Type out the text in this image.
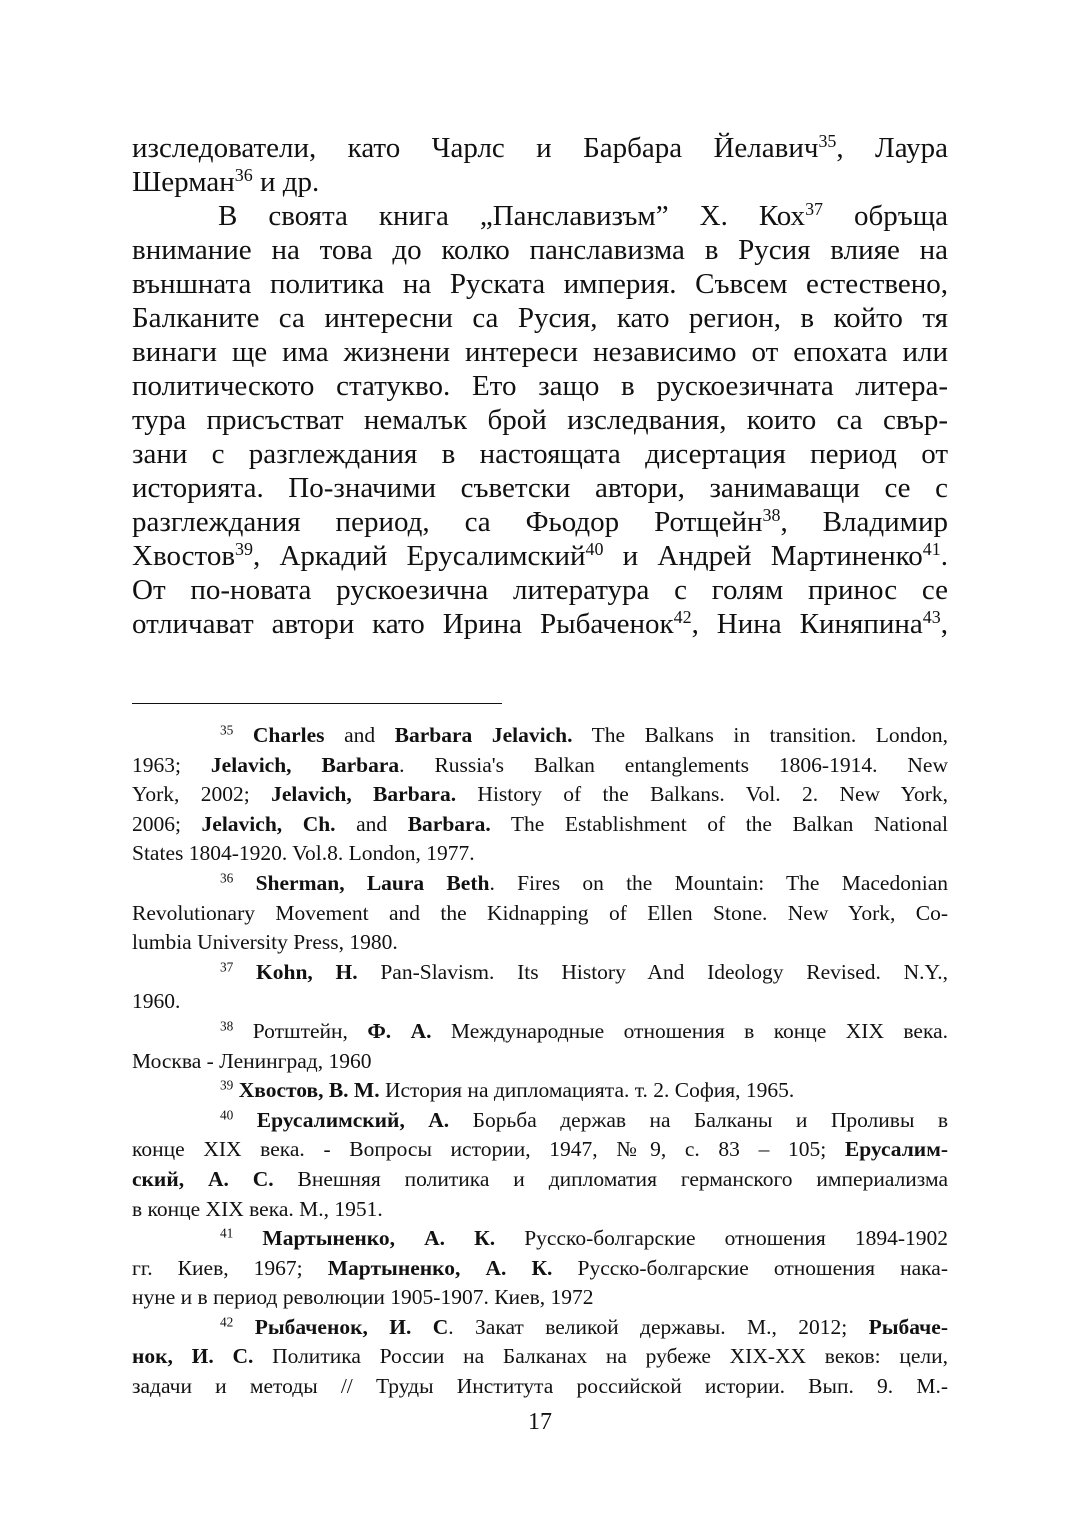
изследователи, като Чарлс и Барбара Йелавич$^{35}$, Лаура
Шерман$^{36}$ и др.
В своята книга „Панславизъм” Х. Кох$^{37}$ обръща
внимание на това до колко панславизма в Русия влияе на
външната политика на Руската империя. Съвсем естествено,
Балканите са интересни са Русия, като регион, в който тя
винаги ще има жизнени интереси независимо от епохата или
политическото статукво. Ето защо в рускоезичната литера-
тура присъстват немалък брой изследвания, които са свър-
зани с разглеждания в настоящата дисертация период от
историята. По-значими съветски автори, занимаващи се с
разглеждания период, са Фьодор Ротщейн$^{38}$, Владимир
Хвостов$^{39}$, Аркадий Ерусалимский$^{40}$ и Андрей Мартиненко$^{41}$.
От по-новата рускоезична литература с голям принос се
отличават автори като Ирина Рыбаченок$^{42}$, Нина Киняпина$^{43}$,
$^{35}$ Charles and Barbara Jelavich. The Balkans in transition. London,
1963; Jelavich, Barbara. Russia's Balkan entanglements 1806-1914. New
York, 2002; Jelavich, Barbara. History of the Balkans. Vol. 2. New York,
2006; Jelavich, Ch. and Barbara. The Establishment of the Balkan National
States 1804-1920. Vol.8. London, 1977.
$^{36}$ Sherman, Laura Beth. Fires on the Mountain: The Macedonian
Revolutionary Movement and the Kidnapping of Ellen Stone. New York, Co-
lumbia University Press, 1980.
$^{37}$ Kohn, H. Pan-Slavism. Its History And Ideology Revised. N.Y.,
1960.
$^{38}$ Ротштейн, Ф. А. Международные отношения в конце XIX века.
Москва - Ленинград, 1960
$^{39}$ Хвостов, В. М. История на дипломацията. т. 2. София, 1965.
$^{40}$ Ерусалимский, А. Борьба держав на Балканы и Проливы в
конце XIX века. - Вопросы истории, 1947, №9, с. 83 – 105; Ерусалим-
ский, А. С. Внешняя политика и дипломатия германского империализма
в конце XIX века. М., 1951.
$^{41}$ Мартыненко, А. К. Русско-болгарские отношения 1894-1902
гг. Киев, 1967; Мартыненко, А. К. Русско-болгарские отношения нака-
нуне и в период революции 1905-1907. Киев, 1972
$^{42}$ Рыбаченок, И. С. Закат великой державы. М., 2012; Рыбаче-
нок, И. С. Политика России на Балканах на рубеже XIX-XX веков: цели,
задачи и методы // Труды Института российской истории. Вып. 9. М.-
17
